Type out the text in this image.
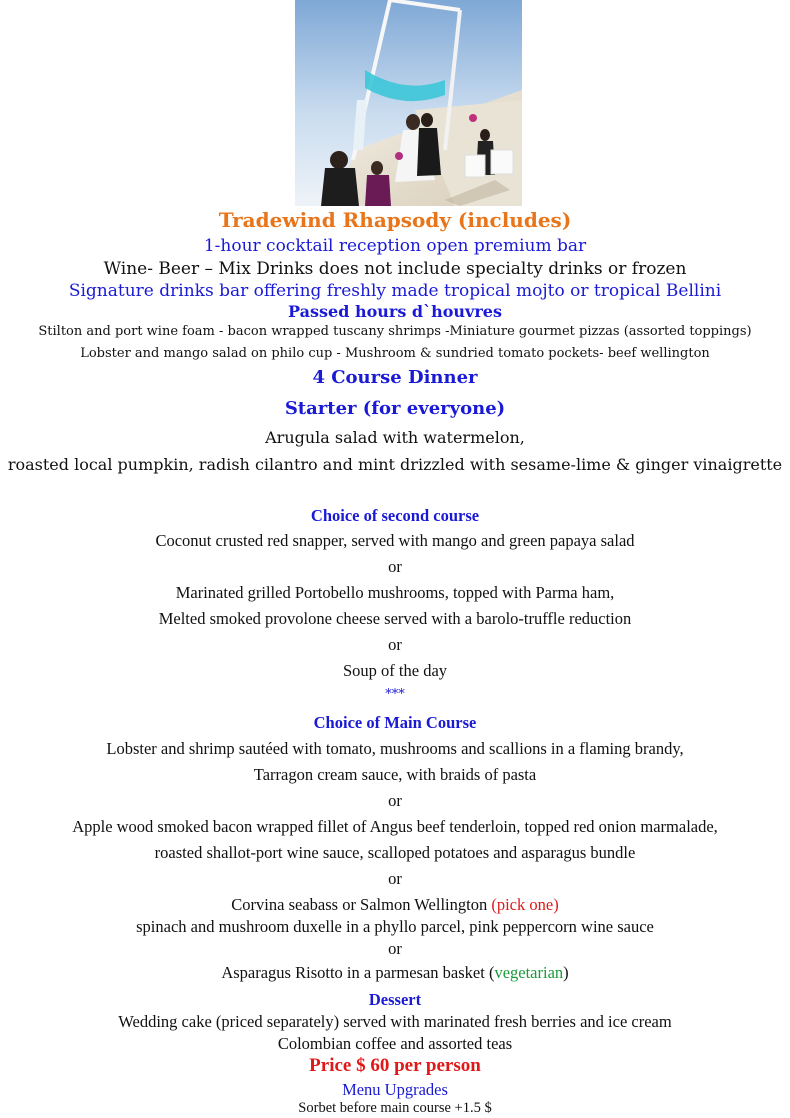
Tradewind Rhapsody (includes)
1-hour cocktail reception open premium bar
Wine- Beer – Mix Drinks does not include specialty drinks or frozen
Signature drinks bar offering freshly made tropical mojto or tropical Bellini
Passed hours d`houvres
Stilton and port wine foam - bacon wrapped tuscany shrimps -Miniature gourmet pizzas (assorted toppings)
Lobster and mango salad on philo cup - Mushroom & sundried tomato pockets- beef wellington
4 Course Dinner
Starter (for everyone)
Arugula salad with watermelon,
roasted local pumpkin, radish cilantro and mint drizzled with sesame-lime & ginger vinaigrette
Choice of second course
Coconut crusted red snapper, served with mango and green papaya salad
or
Marinated grilled Portobello mushrooms, topped with Parma ham,
Melted smoked provolone cheese served with a barolo-truffle reduction
or
Soup of the day
***
Choice of Main Course
Lobster and shrimp sautéed with tomato, mushrooms and scallions in a flaming brandy,
Tarragon cream sauce, with braids of pasta
or
Apple wood smoked bacon wrapped fillet of Angus beef tenderloin, topped red onion marmalade,
roasted shallot-port wine sauce, scalloped potatoes and asparagus bundle
or
Corvina seabass or Salmon Wellington (pick one)
spinach and mushroom duxelle in a phyllo parcel, pink peppercorn wine sauce
or
Asparagus Risotto in a parmesan basket (vegetarian)
Dessert
Wedding cake (priced separately) served with marinated fresh berries and ice cream
Colombian coffee and assorted teas
Price $ 60 per person
Menu Upgrades
Sorbet before main course +1.5 $
